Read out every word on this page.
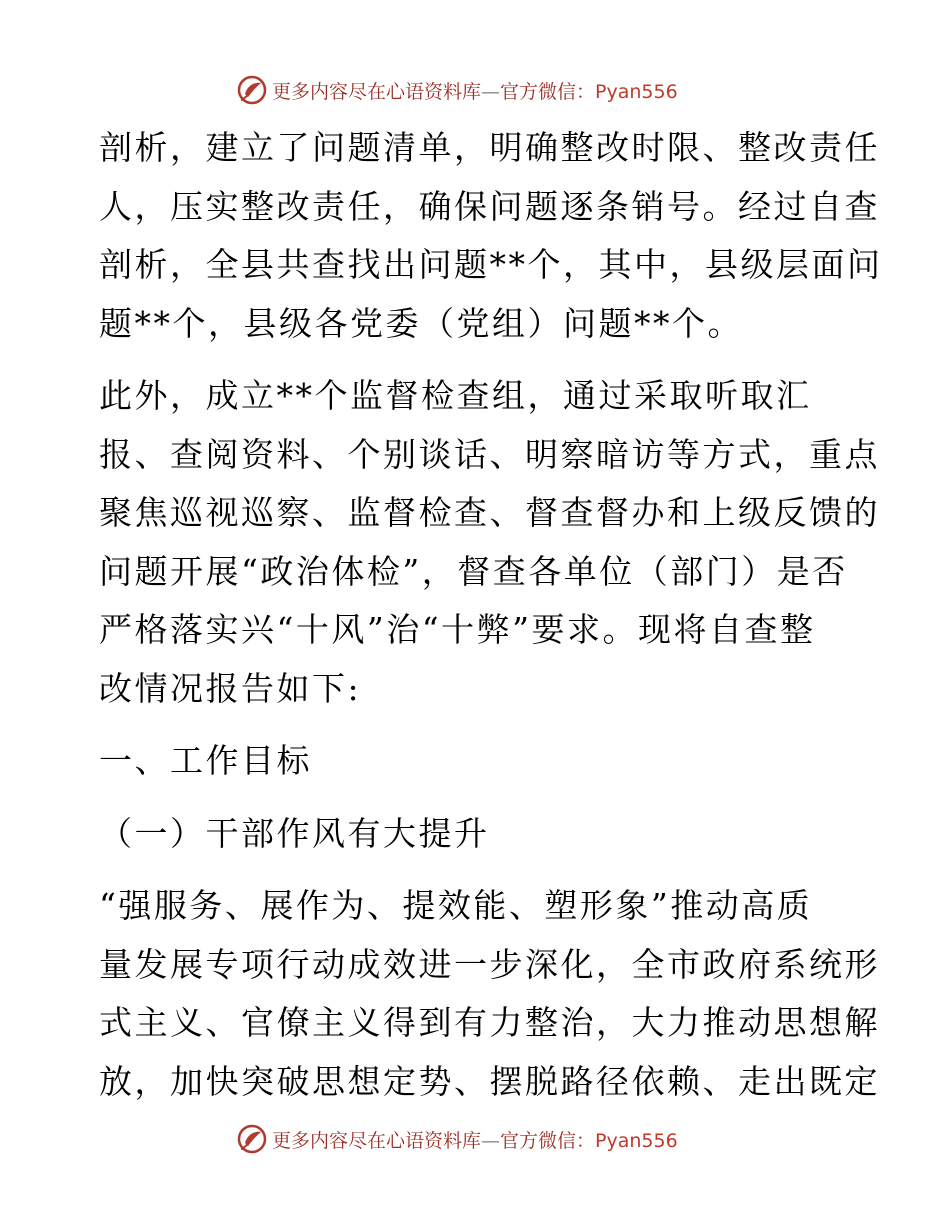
更多内容尽在心语资料库—官方微信：Pyan556
剖析，建立了问题清单，明确整改时限、整改责任
人，压实整改责任，确保问题逐条销号。经过自查
剖析，全县共查找出问题**个，其中，县级层面问
题**个，县级各党委（党组）问题**个。
此外，成立**个监督检查组，通过采取听取汇
报、查阅资料、个别谈话、明察暗访等方式，重点
聚焦巡视巡察、监督检查、督查督办和上级反馈的
问题开展“政治体检”，督查各单位（部门）是否
严格落实兴“十风”治“十弊”要求。现将自查整
改情况报告如下:
一、工作目标
（一）干部作风有大提升
“强服务、展作为、提效能、塑形象”推动高质
量发展专项行动成效进一步深化，全市政府系统形
式主义、官僚主义得到有力整治，大力推动思想解
放，加快突破思想定势、摆脱路径依赖、走出既定
更多内容尽在心语资料库—官方微信：Pyan556
